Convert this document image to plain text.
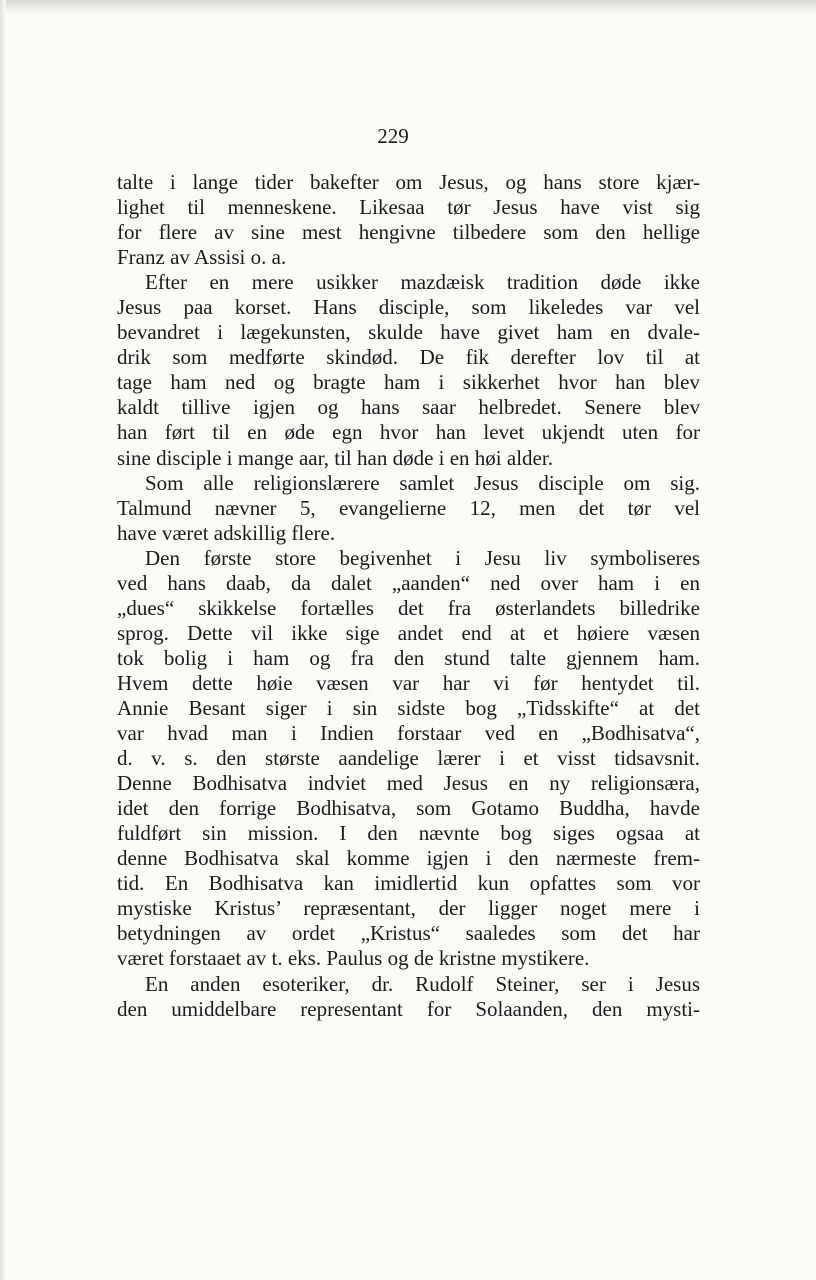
229
talte i lange tider bakefter om Jesus, og hans store kjær-
lighet til menneskene. Likesaa tør Jesus have vist sig
for flere av sine mest hengivne tilbedere som den hellige
Franz av Assisi o. a.
Efter en mere usikker mazdæisk tradition døde ikke
Jesus paa korset. Hans disciple, som likeledes var vel
bevandret i lægekunsten, skulde have givet ham en dvale-
drik som medførte skindød. De fik derefter lov til at
tage ham ned og bragte ham i sikkerhet hvor han blev
kaldt tillive igjen og hans saar helbredet. Senere blev
han ført til en øde egn hvor han levet ukjendt uten for
sine disciple i mange aar, til han døde i en høi alder.
Som alle religionslærere samlet Jesus disciple om sig.
Talmund nævner 5, evangelierne 12, men det tør vel
have været adskillig flere.
Den første store begivenhet i Jesu liv symboliseres
ved hans daab, da dalet „aanden“ ned over ham i en
„dues“ skikkelse fortælles det fra østerlandets billedrike
sprog. Dette vil ikke sige andet end at et høiere væsen
tok bolig i ham og fra den stund talte gjennem ham.
Hvem dette høie væsen var har vi før hentydet til.
Annie Besant siger i sin sidste bog „Tidsskifte“ at det
var hvad man i Indien forstaar ved en „Bodhisatva“,
d. v. s. den største aandelige lærer i et visst tidsavsnit.
Denne Bodhisatva indviet med Jesus en ny religionsæra,
idet den forrige Bodhisatva, som Gotamo Buddha, havde
fuldført sin mission. I den nævnte bog siges ogsaa at
denne Bodhisatva skal komme igjen i den nærmeste frem-
tid. En Bodhisatva kan imidlertid kun opfattes som vor
mystiske Kristus’ repræsentant, der ligger noget mere i
betydningen av ordet „Kristus“ saaledes som det har
været forstaaet av t. eks. Paulus og de kristne mystikere.
En anden esoteriker, dr. Rudolf Steiner, ser i Jesus
den umiddelbare representant for Solaanden, den mysti-
